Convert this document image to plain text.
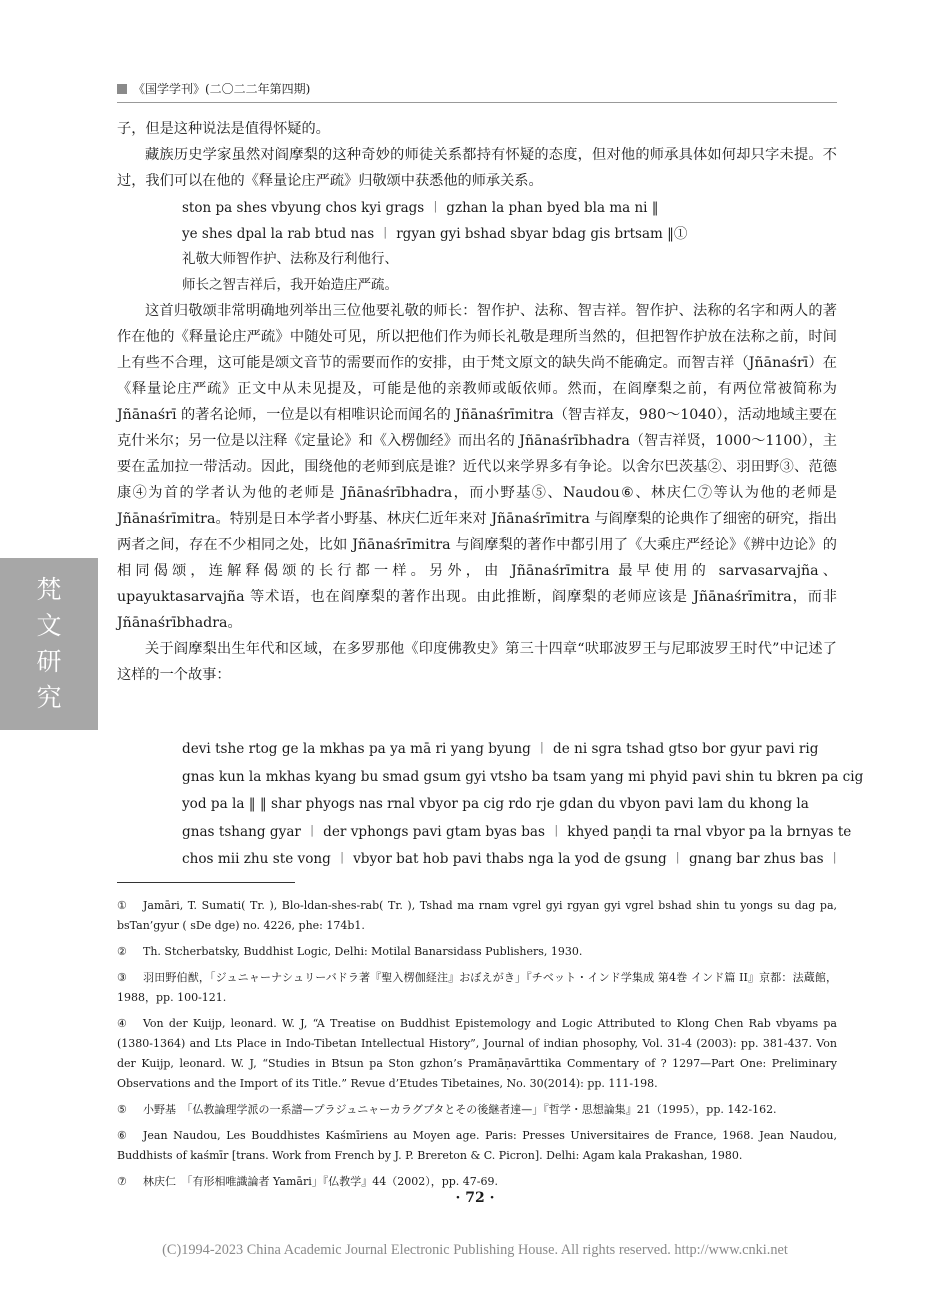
《国学学刊》(二〇二二年第四期)

子，但是这种说法是值得怀疑的。

藏族历史学家虽然对阎摩梨的这种奇妙的师徒关系都持有怀疑的态度，但对他的师承具体如何却只字未提。不过，我们可以在他的《释量论庄严疏》归敬颂中获悉他的师承关系。

ston pa shes vbyung chos kyi grags ︱ gzhan la phan byed bla ma ni ‖
ye shes dpal la rab btud nas ︱ rgyan gyi bshad sbyar bdag gis brtsam ‖①
礼敬大师智作护、法称及行利他行、
师长之智吉祥后，我开始造庄严疏。

这首归敬颂非常明确地列举出三位他要礼敬的师长：智作护、法称、智吉祥。智作护、法称的名字和两人的著作在他的《释量论庄严疏》中随处可见，所以把他们作为师长礼敬是理所当然的，但把智作护放在法称之前，时间上有些不合理，这可能是颂文音节的需要而作的安排，由于梵文原文的缺失尚不能确定。而智吉祥（Jñānaśrī）在《释量论庄严疏》正文中从未见提及，可能是他的亲教师或皈依师。然而，在阎摩梨之前，有两位常被简称为 Jñānaśrī 的著名论师，一位是以有相唯识论而闻名的 Jñānaśrīmitra（智吉祥友，980～1040），活动地域主要在克什米尔；另一位是以注释《定量论》和《入楞伽经》而出名的 Jñānaśrībhadra（智吉祥贤，1000～1100），主要在孟加拉一带活动。因此，围绕他的老师到底是谁？近代以来学界多有争论。以舍尔巴茨基②、羽田野③、范德康④为首的学者认为他的老师是 Jñānaśrībhadra，而小野基⑤、Naudou⑥、林庆仁⑦等认为他的老师是 Jñānaśrīmitra。特别是日本学者小野基、林庆仁近年来对 Jñānaśrīmitra 与阎摩梨的论典作了细密的研究，指出两者之间，存在不少相同之处，比如 Jñānaśrīmitra 与阎摩梨的著作中都引用了《大乘庄严经论》《辨中边论》的相同偈颂，连解释偈颂的长行都一样。另外，由 Jñānaśrīmitra 最早使用的 sarvasarvajña、upayuktasarvajña 等术语，也在阎摩梨的著作出现。由此推断，阎摩梨的老师应该是 Jñānaśrīmitra，而非 Jñānaśrībhadra。

关于阎摩梨出生年代和区域，在多罗那他《印度佛教史》第三十四章“吠耶波罗王与尼耶波罗王时代”中记述了这样的一个故事：

梵
文
研
究
devi tshe rtog ge la mkhas pa ya mā ri yang byung ︱ de ni sgra tshad gtso bor gyur pavi rig
gnas kun la mkhas kyang bu smad gsum gyi vtsho ba tsam yang mi phyid pavi shin tu bkren pa cig
yod pa la ‖ ‖ shar phyogs nas rnal vbyor pa cig rdo rje gdan du vbyon pavi lam du khong la
gnas tshang gyar ︱ der vphongs pavi gtam byas bas ︱ khyed paṇḍi ta rnal vbyor pa la brnyas te
chos mii zhu ste vong ︱ vbyor bat hob pavi thabs nga la yod de gsung ︱ gnang bar zhus bas ︱

① Jamāri, T. Sumati( Tr. ), Blo-ldan-shes-rab( Tr. ), Tshad ma rnam vgrel gyi rgyan gyi vgrel bshad shin tu yongs su dag pa, bsTan’gyur ( sDe dge) no. 4226, phe: 174b1.

② Th. Stcherbatsky, Buddhist Logic, Delhi: Motilal Banarsidass Publishers, 1930.

③ 羽田野伯猷，「ジュニャーナシュリーバドラ著『聖入楞伽経注』おぼえがき」『チベット・インド学集成 第4巻 インド篇 II』京都：法蔵館，1988，pp. 100-121.

④ Von der Kuijp, leonard. W. J, “A Treatise on Buddhist Epistemology and Logic Attributed to Klong Chen Rab vbyams pa (1380-1364) and Lts Place in Indo-Tibetan Intellectual History”, Journal of indian phosophy, Vol. 31-4 (2003): pp. 381-437. Von der Kuijp, leonard. W. J, “Studies in Btsun pa Ston gzhon’s Pramāṇavārttika Commentary of ? 1297—Part One: Preliminary Observations and the Import of its Title.” Revue d’Etudes Tibetaines, No. 30(2014): pp. 111-198.

⑤ 小野基　「仏教論理学派の一系譜—プラジュニャーカラグプタとその後継者達—」『哲学・思想論集』21（1995），pp. 142-162.

⑥ Jean Naudou, Les Bouddhistes Kaśmīriens au Moyen age. Paris: Presses Universitaires de France, 1968. Jean Naudou, Buddhists of kaśmīr [trans. Work from French by J. P. Brereton & C. Picron]. Delhi: Agam kala Prakashan, 1980.

⑦ 林庆仁　「有形相唯識論者 Yamāri」『仏教学』44（2002），pp. 47-69.

· 72 ·
(C)1994-2023 China Academic Journal Electronic Publishing House. All rights reserved. http://www.cnki.net
